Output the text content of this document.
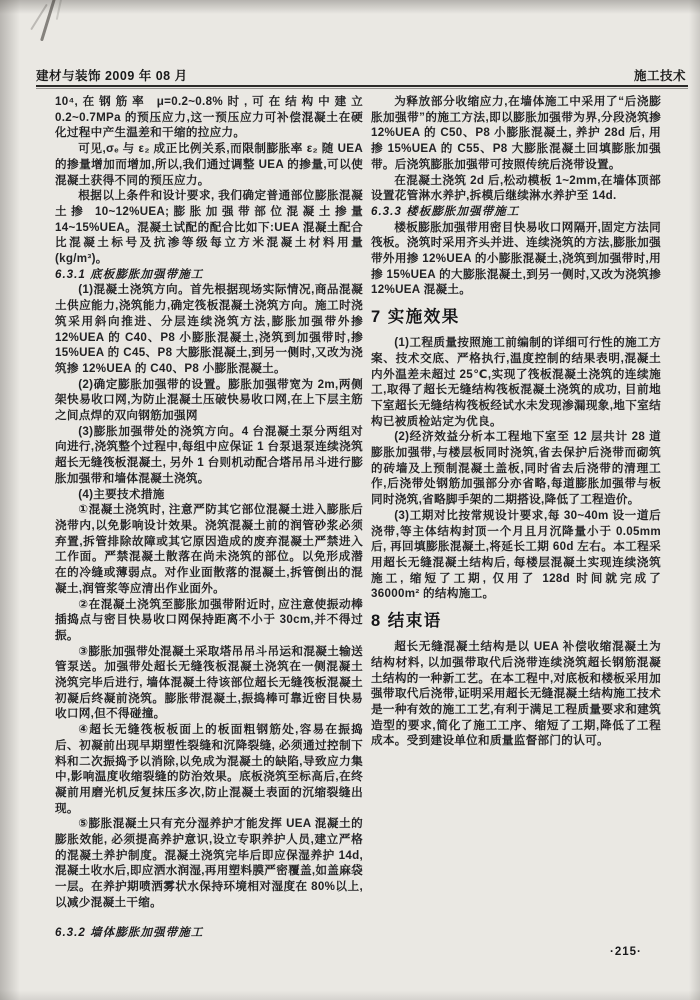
建材与装饰 2009 年 08 月	施工技术

10⁴,在钢筋率 μ=0.2~0.8%时,可在结构中建立 0.2~0.7MPa 的预压应力,这一预压应力可补偿混凝土在硬化过程中产生温差和干缩的拉应力。

可见,σₑ 与 ε₂ 成正比例关系,而限制膨胀率 ε₂ 随 UEA 的掺量增加而增加,所以,我们通过调整 UEA 的掺量,可以使混凝土获得不同的预压应力。

根据以上条件和设计要求, 我们确定普通部位膨胀混凝土掺 10~12%UEA;膨胀加强带部位混凝土掺量 14~15%UEA。混凝土试配的配合比如下:UEA 混凝土配合比混凝土标号及抗渗等级每立方米混凝土材料用量(kg/m³)。

6.3.1 底板膨胀加强带施工

(1)混凝土浇筑方向。首先根据现场实际情况,商品混凝土供应能力,浇筑能力,确定筏板混凝土浇筑方向。施工时浇筑采用斜向推进、分层连续浇筑方法,膨胀加强带外掺 12%UEA 的 C40、P8 小膨胀混凝土,浇筑到加强带时,掺 15%UEA 的 C45、P8 大膨胀混凝土,到另一侧时,又改为浇筑掺 12%UEA 的 C40、P8 小膨胀混凝土。

(2)确定膨胀加强带的设置。膨胀加强带宽为 2m,两侧架快易收口网,为防止混凝土压破快易收口网,在上下层主筋之间点焊的双向钢筋加强网

(3)膨胀加强带处的浇筑方向。4 台混凝土泵分两组对向进行,浇筑整个过程中,每组中应保证 1 台泵退泵连续浇筑超长无缝筏板混凝土, 另外 1 台则机动配合塔吊吊斗进行膨胀加强带和墙体混凝土浇筑。

(4)主要技术措施

①混凝土浇筑时, 注意严防其它部位混凝土进入膨胀后浇带内,以免影响设计效果。浇筑混凝土前的润管砂浆必须弃置,拆管排除故障或其它原因造成的废弃混凝土严禁进入工作面。严禁混凝土散落在尚未浇筑的部位。以免形成潜在的冷缝或薄弱点。对作业面散落的混凝土,拆管倒出的混凝土,润管浆等应清出作业面外。

②在混凝土浇筑至膨胀加强带附近时, 应注意使振动棒插捣点与密目快易收口网保持距离不小于 30cm,并不得过振。

③膨胀加强带处混凝土采取塔吊吊斗吊运和混凝土输送管泵送。加强带处超长无缝筏板混凝土浇筑在一侧混凝土浇筑完毕后进行, 墙体混凝土待该部位超长无缝筏板混凝土初凝后终凝前浇筑。膨胀带混凝土,振捣棒可靠近密目快易收口网,但不得碰撞。

④超长无缝筏板板面上的板面粗钢筋处,容易在振捣后、初凝前出现早期塑性裂缝和沉降裂缝, 必须通过控制下料和二次振捣予以消除,以免成为混凝土的缺陷,导致应力集中,影响温度收缩裂缝的防治效果。底板浇筑至标高后,在终凝前用磨光机反复抹压多次,防止混凝土表面的沉缩裂缝出现。

⑤膨胀混凝土只有充分湿养护才能发挥 UEA 混凝土的膨胀效能, 必须提高养护意识,设立专职养护人员,建立严格的混凝土养护制度。混凝土浇筑完毕后即应保湿养护 14d,混凝土收水后,即应洒水润湿,再用塑料膜严密覆盖,如盖麻袋一层。在养护期喷洒雾状水保持环境相对湿度在 80%以上, 以减少混凝土干缩。

6.3.2 墙体膨胀加强带施工

为释放部分收缩应力,在墙体施工中采用了“后浇膨胀加强带”的施工方法,即以膨胀加强带为界,分段浇筑掺 12%UEA 的 C50、P8 小膨胀混凝土, 养护 28d 后, 用掺 15%UEA 的 C55、P8 大膨胀混凝土回填膨胀加强带。后浇筑膨胀加强带可按照传统后浇带设置。

在混凝土浇筑 2d 后,松动模板 1~2mm,在墙体顶部设置花管淋水养护,拆模后继续淋水养护至 14d.

6.3.3 楼板膨胀加强带施工

楼板膨胀加强带用密目快易收口网隔开,固定方法同筏板。浇筑时采用齐头并进、连续浇筑的方法,膨胀加强带外用掺 12%UEA 的小膨胀混凝土,浇筑到加强带时,用掺 15%UEA 的大膨胀混凝土,到另一侧时,又改为浇筑掺 12%UEA 混凝土。

7 实施效果

(1)工程质量按照施工前编制的详细可行性的施工方案、技术交底、严格执行,温度控制的结果表明,混凝土内外温差未超过 25℃,实现了筏板混凝土浇筑的连续施工,取得了超长无缝结构筏板混凝土浇筑的成功, 目前地下室超长无缝结构筏板经试水未发现渗漏现象,地下室结构已被质检站定为优良。

(2)经济效益分析本工程地下室至 12 层共计 28 道膨胀加强带,与楼层板同时浇筑,省去保护后浇带而砌筑的砖墙及上预制混凝土盖板,同时省去后浇带的清理工作,后浇带处钢筋加强部分亦省略,每道膨胀加强带与板同时浇筑,省略脚手架的二期搭设,降低了工程造价。

(3)工期对比按常规设计要求,每 30~40m 设一道后浇带,等主体结构封顶一个月且月沉降量小于 0.05mm 后, 再回填膨胀混凝土,将延长工期 60d 左右。本工程采用超长无缝混凝土结构后, 每楼层混凝土实现连续浇筑施工, 缩短了工期, 仅用了 128d 时间就完成了 36000m² 的结构施工。

8 结束语

超长无缝混凝土结构是以 UEA 补偿收缩混凝土为结构材料, 以加强带取代后浇带连续浇筑超长钢筋混凝土结构的一种新工艺。在本工程中,对底板和楼板采用加强带取代后浇带,证明采用超长无缝混凝土结构施工技术是一种有效的施工工艺,有利于满足工程质量要求和建筑造型的要求,简化了施工工序、缩短了工期,降低了工程成本。受到建设单位和质量监督部门的认可。

·215·
